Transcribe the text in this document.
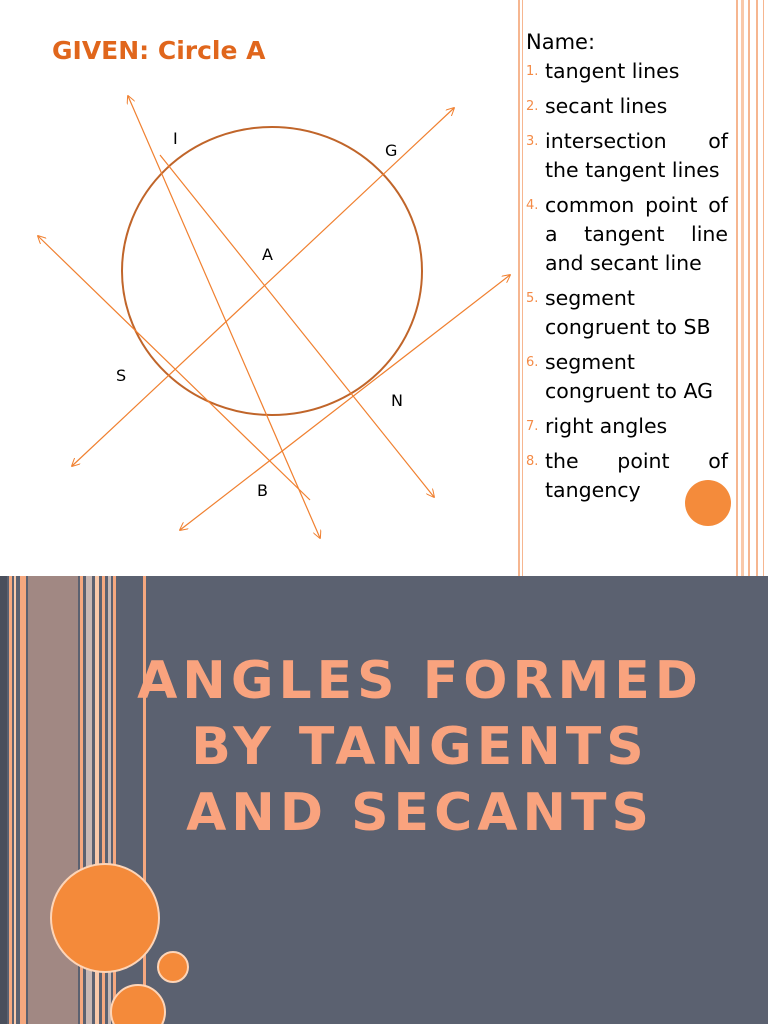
GIVEN: Circle A
I
G
A
S
N
B
Name:
1. tangent lines
2. secant lines
3. intersection of the tangent lines
4. common point of a tangent line and secant line
5. segment congruent to SB
6. segment congruent to AG
7. right angles
8. the point of tangency
ANGLES FORMED
BY TANGENTS
AND SECANTS
